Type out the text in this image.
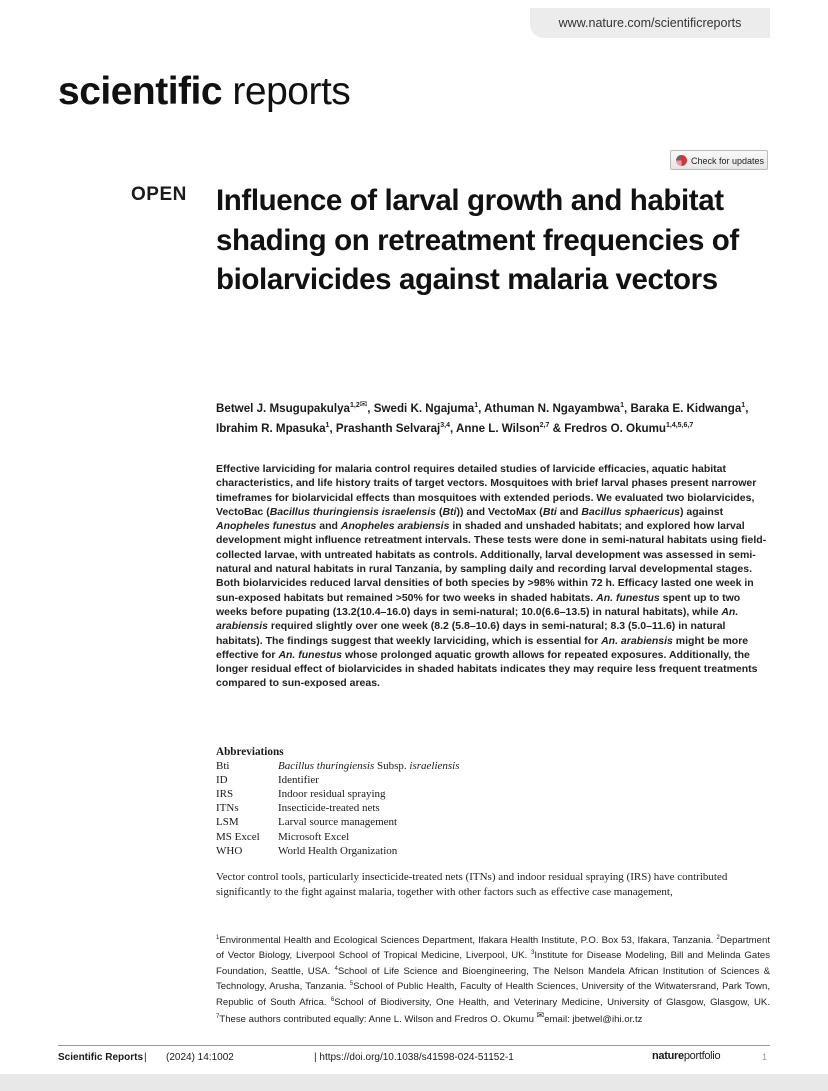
www.nature.com/scientificreports
scientific reports
Check for updates
OPEN Influence of larval growth and habitat shading on retreatment frequencies of biolarvicides against malaria vectors
Betwel J. Msugupakulya$^{1,2✉}$, Swedi K. Ngajuma$^1$, Athuman N. Ngayambwa$^1$, Baraka E. Kidwanga$^1$, Ibrahim R. Mpasuka$^1$, Prashanth Selvaraj$^{3,4}$, Anne L. Wilson$^{2,7}$ & Fredros O. Okumu$^{1,4,5,6,7}$
Effective larviciding for malaria control requires detailed studies of larvicide efficacies, aquatic habitat characteristics, and life history traits of target vectors. Mosquitoes with brief larval phases present narrower timeframes for biolarvicidal effects than mosquitoes with extended periods. We evaluated two biolarvicides, VectoBac (Bacillus thuringiensis israelensis (Bti)) and VectoMax (Bti and Bacillus sphaericus) against Anopheles funestus and Anopheles arabiensis in shaded and unshaded habitats; and explored how larval development might influence retreatment intervals. These tests were done in semi-natural habitats using field-collected larvae, with untreated habitats as controls. Additionally, larval development was assessed in semi-natural and natural habitats in rural Tanzania, by sampling daily and recording larval developmental stages. Both biolarvicides reduced larval densities of both species by >98% within 72 h. Efficacy lasted one week in sun-exposed habitats but remained >50% for two weeks in shaded habitats. An. funestus spent up to two weeks before pupating (13.2(10.4–16.0) days in semi-natural; 10.0(6.6–13.5) in natural habitats), while An. arabiensis required slightly over one week (8.2 (5.8–10.6) days in semi-natural; 8.3 (5.0–11.6) in natural habitats). The findings suggest that weekly larviciding, which is essential for An. arabiensis might be more effective for An. funestus whose prolonged aquatic growth allows for repeated exposures. Additionally, the longer residual effect of biolarvicides in shaded habitats indicates they may require less frequent treatments compared to sun-exposed areas.
Abbreviations
Bti	Bacillus thuringiensis Subsp. israeliensis
ID	Identifier
IRS	Indoor residual spraying
ITNs	Insecticide-treated nets
LSM	Larval source management
MS Excel	Microsoft Excel
WHO	World Health Organization
Vector control tools, particularly insecticide-treated nets (ITNs) and indoor residual spraying (IRS) have contributed significantly to the fight against malaria, together with other factors such as effective case management,
$^1$Environmental Health and Ecological Sciences Department, Ifakara Health Institute, P.O. Box 53, Ifakara, Tanzania. $^2$Department of Vector Biology, Liverpool School of Tropical Medicine, Liverpool, UK. $^3$Institute for Disease Modeling, Bill and Melinda Gates Foundation, Seattle, USA. $^4$School of Life Science and Bioengineering, The Nelson Mandela African Institution of Sciences & Technology, Arusha, Tanzania. $^5$School of Public Health, Faculty of Health Sciences, University of the Witwatersrand, Park Town, Republic of South Africa. $^6$School of Biodiversity, One Health, and Veterinary Medicine, University of Glasgow, Glasgow, UK. $^7$These authors contributed equally: Anne L. Wilson and Fredros O. Okumu ✉email: jbetwel@ihi.or.tz
Scientific Reports | (2024) 14:1002	| https://doi.org/10.1038/s41598-024-51152-1	natureportfolio	1
